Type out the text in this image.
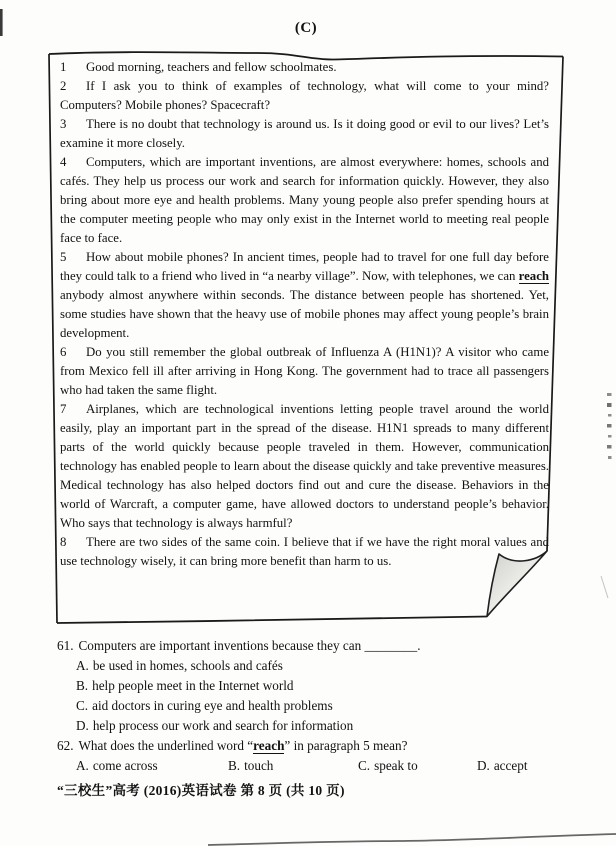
(C)

1 Good morning, teachers and fellow schoolmates.

2 If I ask you to think of examples of technology, what will come to your mind? Computers? Mobile phones? Spacecraft?

3 There is no doubt that technology is around us. Is it doing good or evil to our lives? Let’s examine it more closely.

4 Computers, which are important inventions, are almost everywhere: homes, schools and cafés. They help us process our work and search for information quickly. However, they also bring about more eye and health problems. Many young people also prefer spending hours at the computer meeting people who may only exist in the Internet world to meeting real people face to face.

5 How about mobile phones? In ancient times, people had to travel for one full day before they could talk to a friend who lived in “a nearby village”. Now, with telephones, we can reach anybody almost anywhere within seconds. The distance between people has shortened. Yet, some studies have shown that the heavy use of mobile phones may affect young people’s brain development.

6 Do you still remember the global outbreak of Influenza A (H1N1)? A visitor who came from Mexico fell ill after arriving in Hong Kong. The government had to trace all passengers who had taken the same flight.

7 Airplanes, which are technological inventions letting people travel around the world easily, play an important part in the spread of the disease. H1N1 spreads to many different parts of the world quickly because people traveled in them. However, communication technology has enabled people to learn about the disease quickly and take preventive measures. Medical technology has also helped doctors find out and cure the disease. Behaviors in the world of Warcraft, a computer game, have allowed doctors to understand people’s behavior. Who says that technology is always harmful?

8 There are two sides of the same coin. I believe that if we have the right moral values and use technology wisely, it can bring more benefit than harm to us.

61. Computers are important inventions because they can ________.
A. be used in homes, schools and cafés
B. help people meet in the Internet world
C. aid doctors in curing eye and health problems
D. help process our work and search for information
62. What does the underlined word “reach” in paragraph 5 mean?
A. come across	B. touch	C. speak to	D. accept
“三校生”高考 (2016)英语试卷 第 8 页 (共 10 页)
